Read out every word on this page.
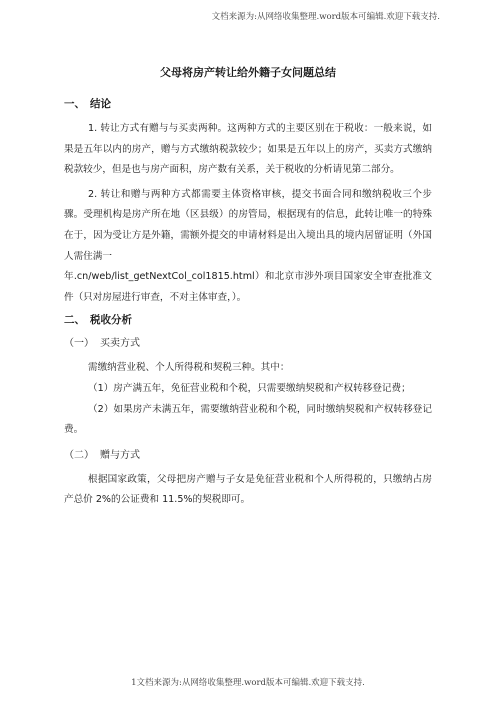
文档来源为:从网络收集整理.word版本可编辑.欢迎下载支持.
父母将房产转让给外籍子女问题总结
一、 结论

1. 转让方式有赠与与买卖两种。这两种方式的主要区别在于税收：一般来说，如果是五年以内的房产，赠与方式缴纳税款较少；如果是五年以上的房产，买卖方式缴纳税款较少，但是也与房产面积，房产数有关系，关于税收的分析请见第二部分。

2. 转让和赠与两种方式都需要主体资格审核，提交书面合同和缴纳税收三个步骤。受理机构是房产所在地（区县级）的房管局，根据现有的信息，此转让唯一的特殊在于，因为受让方是外籍，需额外提交的申请材料是出入境出具的境内居留证明（外国人需住满一

年.cn/web/list_getNextCol_col1815.html）和北京市涉外项目国家安全审查批准文件（只对房屋进行审查，不对主体审查，）。

二、 税收分析
（一） 买卖方式

需缴纳营业税、个人所得税和契税三种。其中：

（1）房产满五年，免征营业税和个税，只需要缴纳契税和产权转移登记费；

（2）如果房产未满五年，需要缴纳营业税和个税，同时缴纳契税和产权转移登记费。

（二） 赠与方式

根据国家政策，父母把房产赠与子女是免征营业税和个人所得税的，只缴纳占房产总价 2%的公证费和 11.5%的契税即可。

1文档来源为:从网络收集整理.word版本可编辑.欢迎下载支持.
